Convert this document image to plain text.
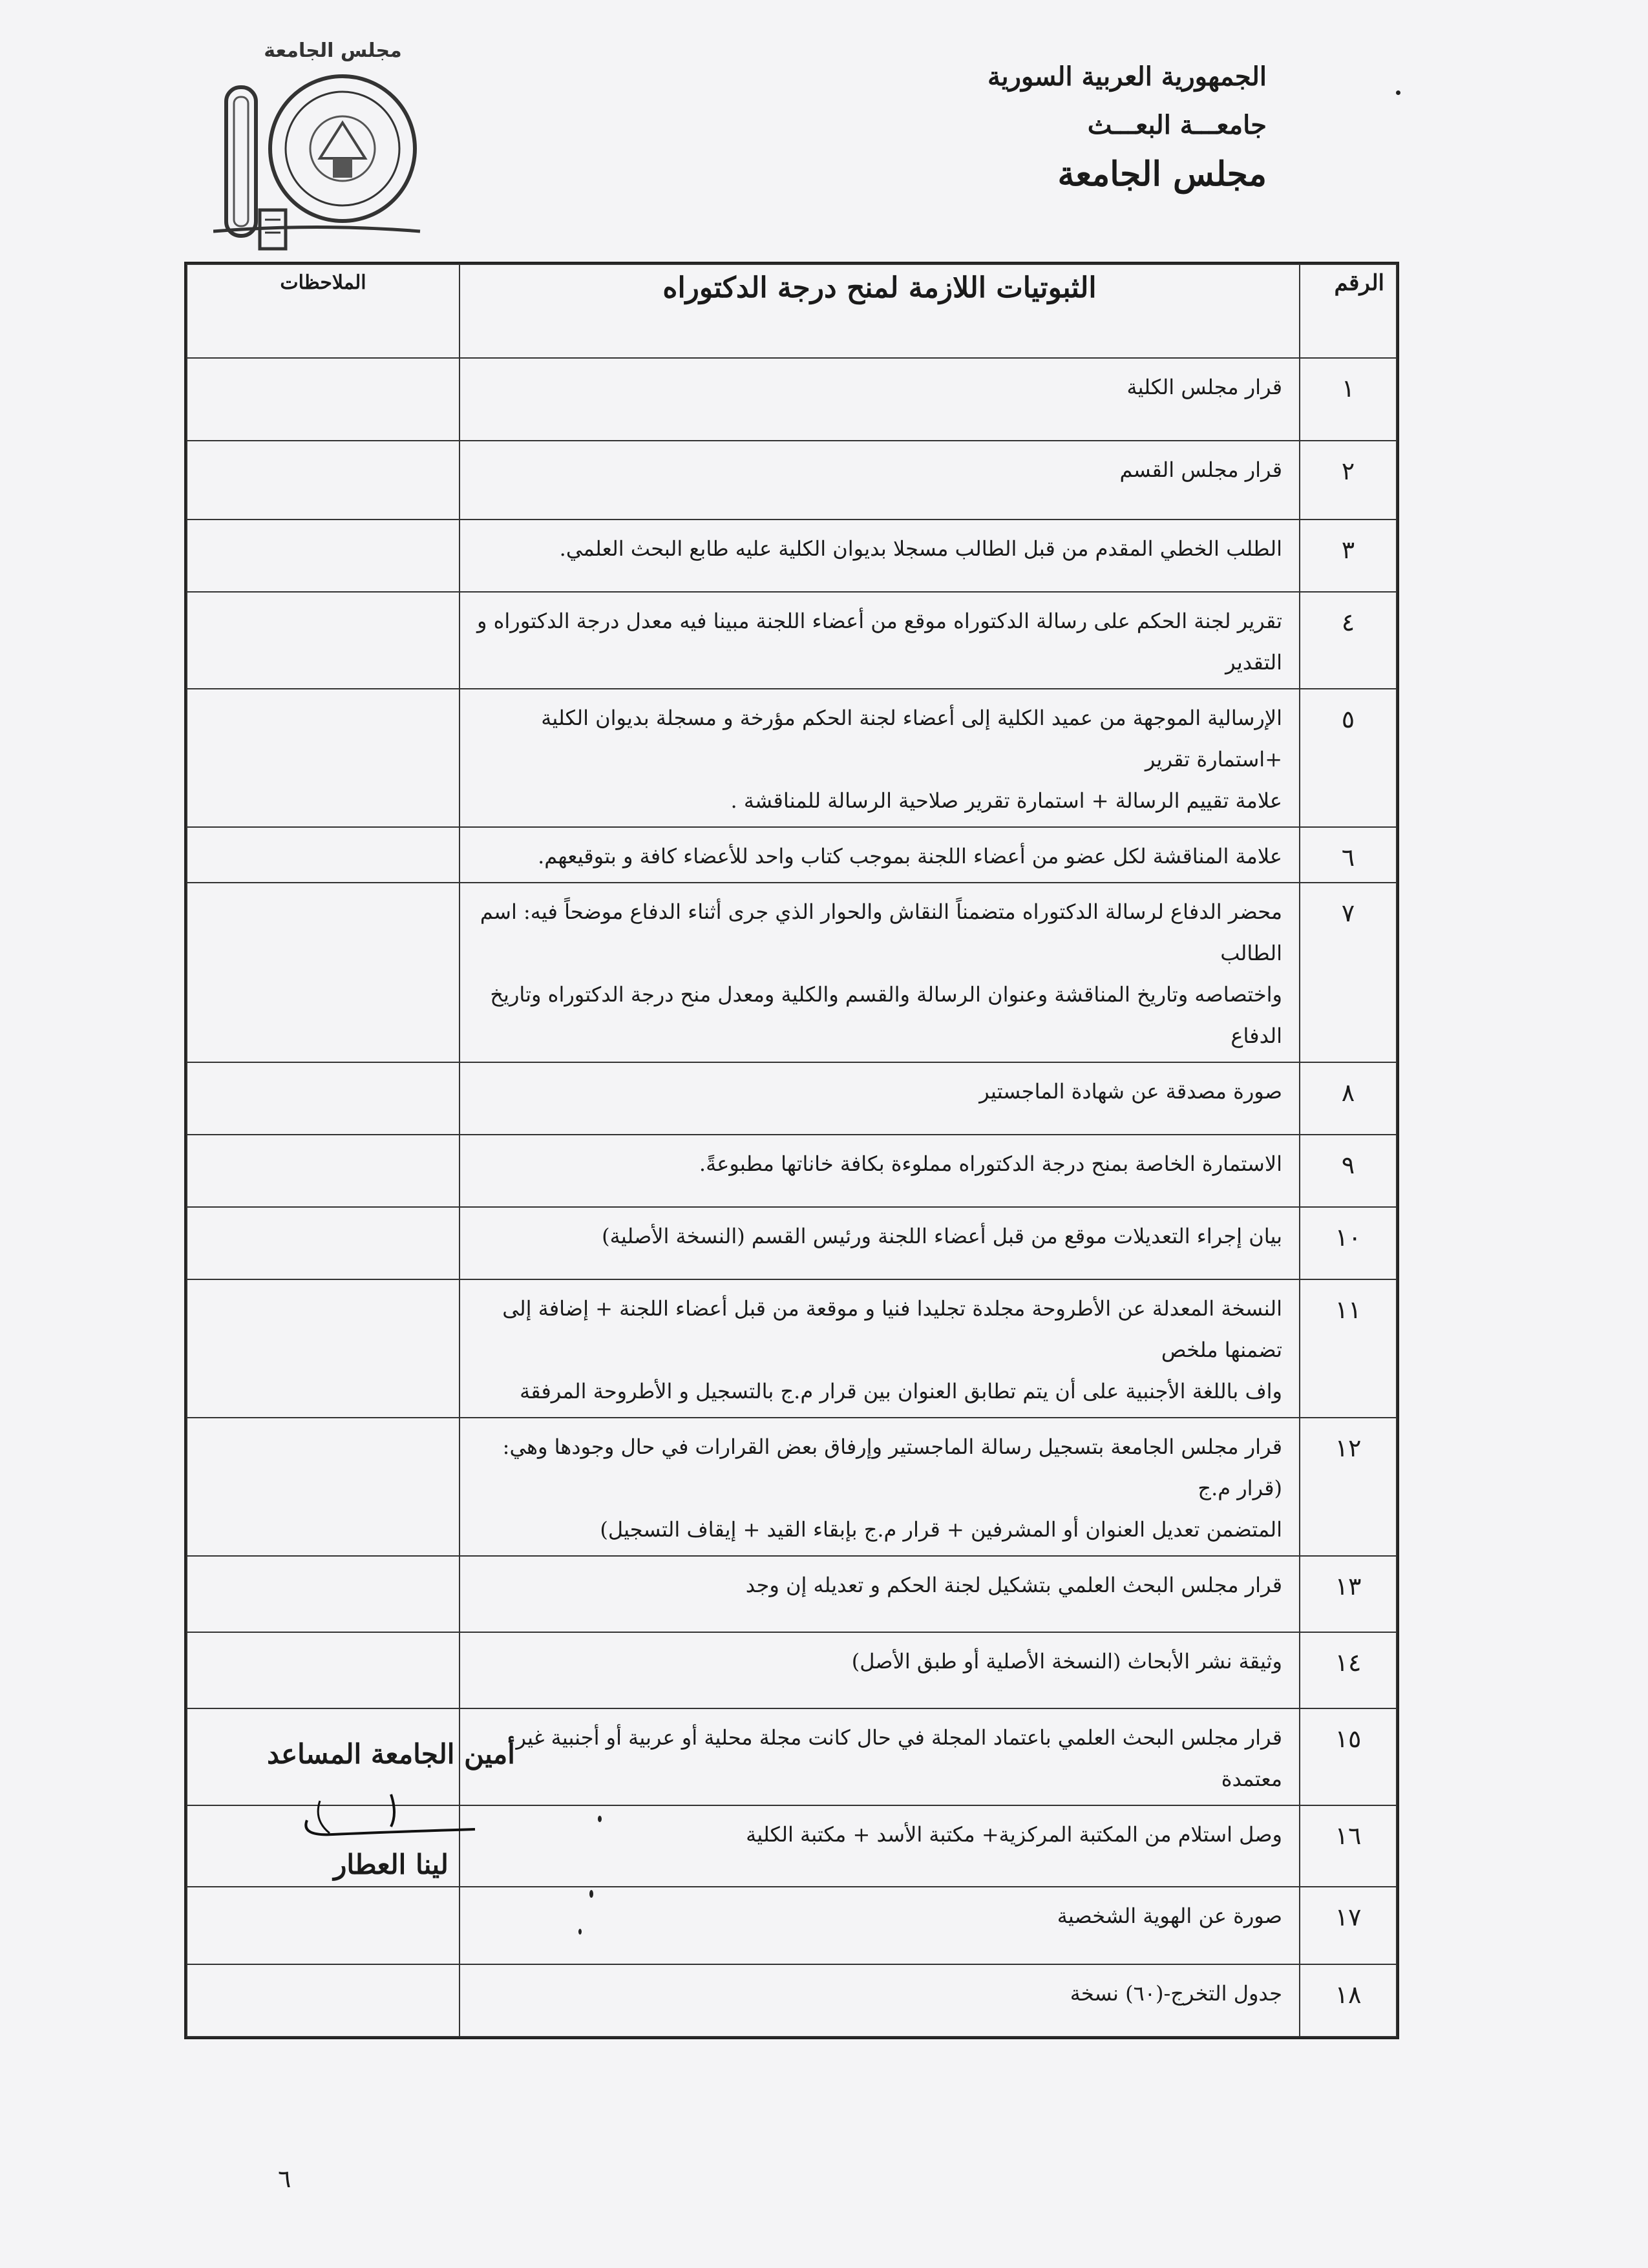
مجلس الجامعة
الجمهورية العربية السورية
جامعـــة البعـــث
مجلس الجامعة
الرقم	الثبوتيات اللازمة لمنح درجة الدكتوراه	الملاحظات
١	قرار مجلس الكلية	

٢	قرار مجلس القسم	

٣	الطلب الخطي المقدم من قبل الطالب مسجلا بديوان الكلية عليه طابع البحث العلمي.	

٤	تقرير لجنة الحكم على رسالة الدكتوراه موقع من أعضاء اللجنة مبينا فيه معدل درجة الدكتوراه و التقدير	

٥	الإرسالية الموجهة من عميد الكلية إلى أعضاء لجنة الحكم مؤرخة و مسجلة بديوان الكلية +استمارة تقرير
علامة تقييم الرسالة + استمارة تقرير صلاحية الرسالة للمناقشة .	

٦	علامة المناقشة لكل عضو من أعضاء اللجنة بموجب كتاب واحد للأعضاء كافة و بتوقيعهم.	

٧	محضر الدفاع لرسالة الدكتوراه متضمناً النقاش والحوار الذي جرى أثناء الدفاع موضحاً فيه: اسم الطالب
واختصاصه وتاريخ المناقشة وعنوان الرسالة والقسم والكلية ومعدل منح درجة الدكتوراه وتاريخ الدفاع	

٨	صورة مصدقة عن شهادة الماجستير	

٩	الاستمارة الخاصة بمنح درجة الدكتوراه مملوءة بكافة خاناتها مطبوعةً.	

١٠	بيان إجراء التعديلات موقع من قبل أعضاء اللجنة ورئيس القسم (النسخة الأصلية)	

١١	النسخة المعدلة عن الأطروحة مجلدة تجليدا فنيا و موقعة من قبل أعضاء اللجنة + إضافة إلى تضمنها ملخص
واف باللغة الأجنبية على أن يتم تطابق العنوان بين قرار م.ج بالتسجيل و الأطروحة المرفقة	

١٢	قرار مجلس الجامعة بتسجيل رسالة الماجستير وإرفاق بعض القرارات في حال وجودها وهي: (قرار م.ج
المتضمن تعديل العنوان أو المشرفين + قرار م.ج بإبقاء القيد + إيقاف التسجيل)	

١٣	قرار مجلس البحث العلمي بتشكيل لجنة الحكم و تعديله إن وجد	

١٤	وثيقة نشر الأبحاث (النسخة الأصلية أو طبق الأصل)	

١٥	قرار مجلس البحث العلمي باعتماد المجلة في حال كانت مجلة محلية أو عربية أو أجنبية غير معتمدة	

١٦	وصل استلام من المكتبة المركزية+ مكتبة الأسد + مكتبة الكلية	

١٧	صورة عن الهوية الشخصية	

١٨	جدول التخرج-(٦٠) نسخة	

أمين الجامعة المساعد
لينا العطار
٦
